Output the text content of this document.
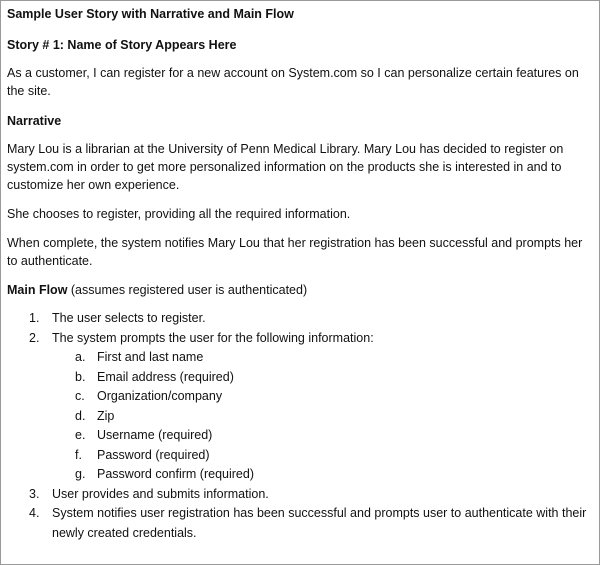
Sample User Story with Narrative and Main Flow

Story # 1: Name of Story Appears Here

As a customer, I can register for a new account on System.com so I can personalize certain features on the site.

Narrative

Mary Lou is a librarian at the University of Penn Medical Library. Mary Lou has decided to register on system.com in order to get more personalized information on the products she is interested in and to customize her own experience.

She chooses to register, providing all the required information.

When complete, the system notifies Mary Lou that her registration has been successful and prompts her to authenticate.

Main Flow (assumes registered user is authenticated)

1. The user selects to register.
2. The system prompts the user for the following information:
a. First and last name
b. Email address (required)
c. Organization/company
d. Zip
e. Username (required)
f. Password (required)
g. Password confirm (required)
3. User provides and submits information.
4. System notifies user registration has been successful and prompts user to authenticate with their newly created credentials.
